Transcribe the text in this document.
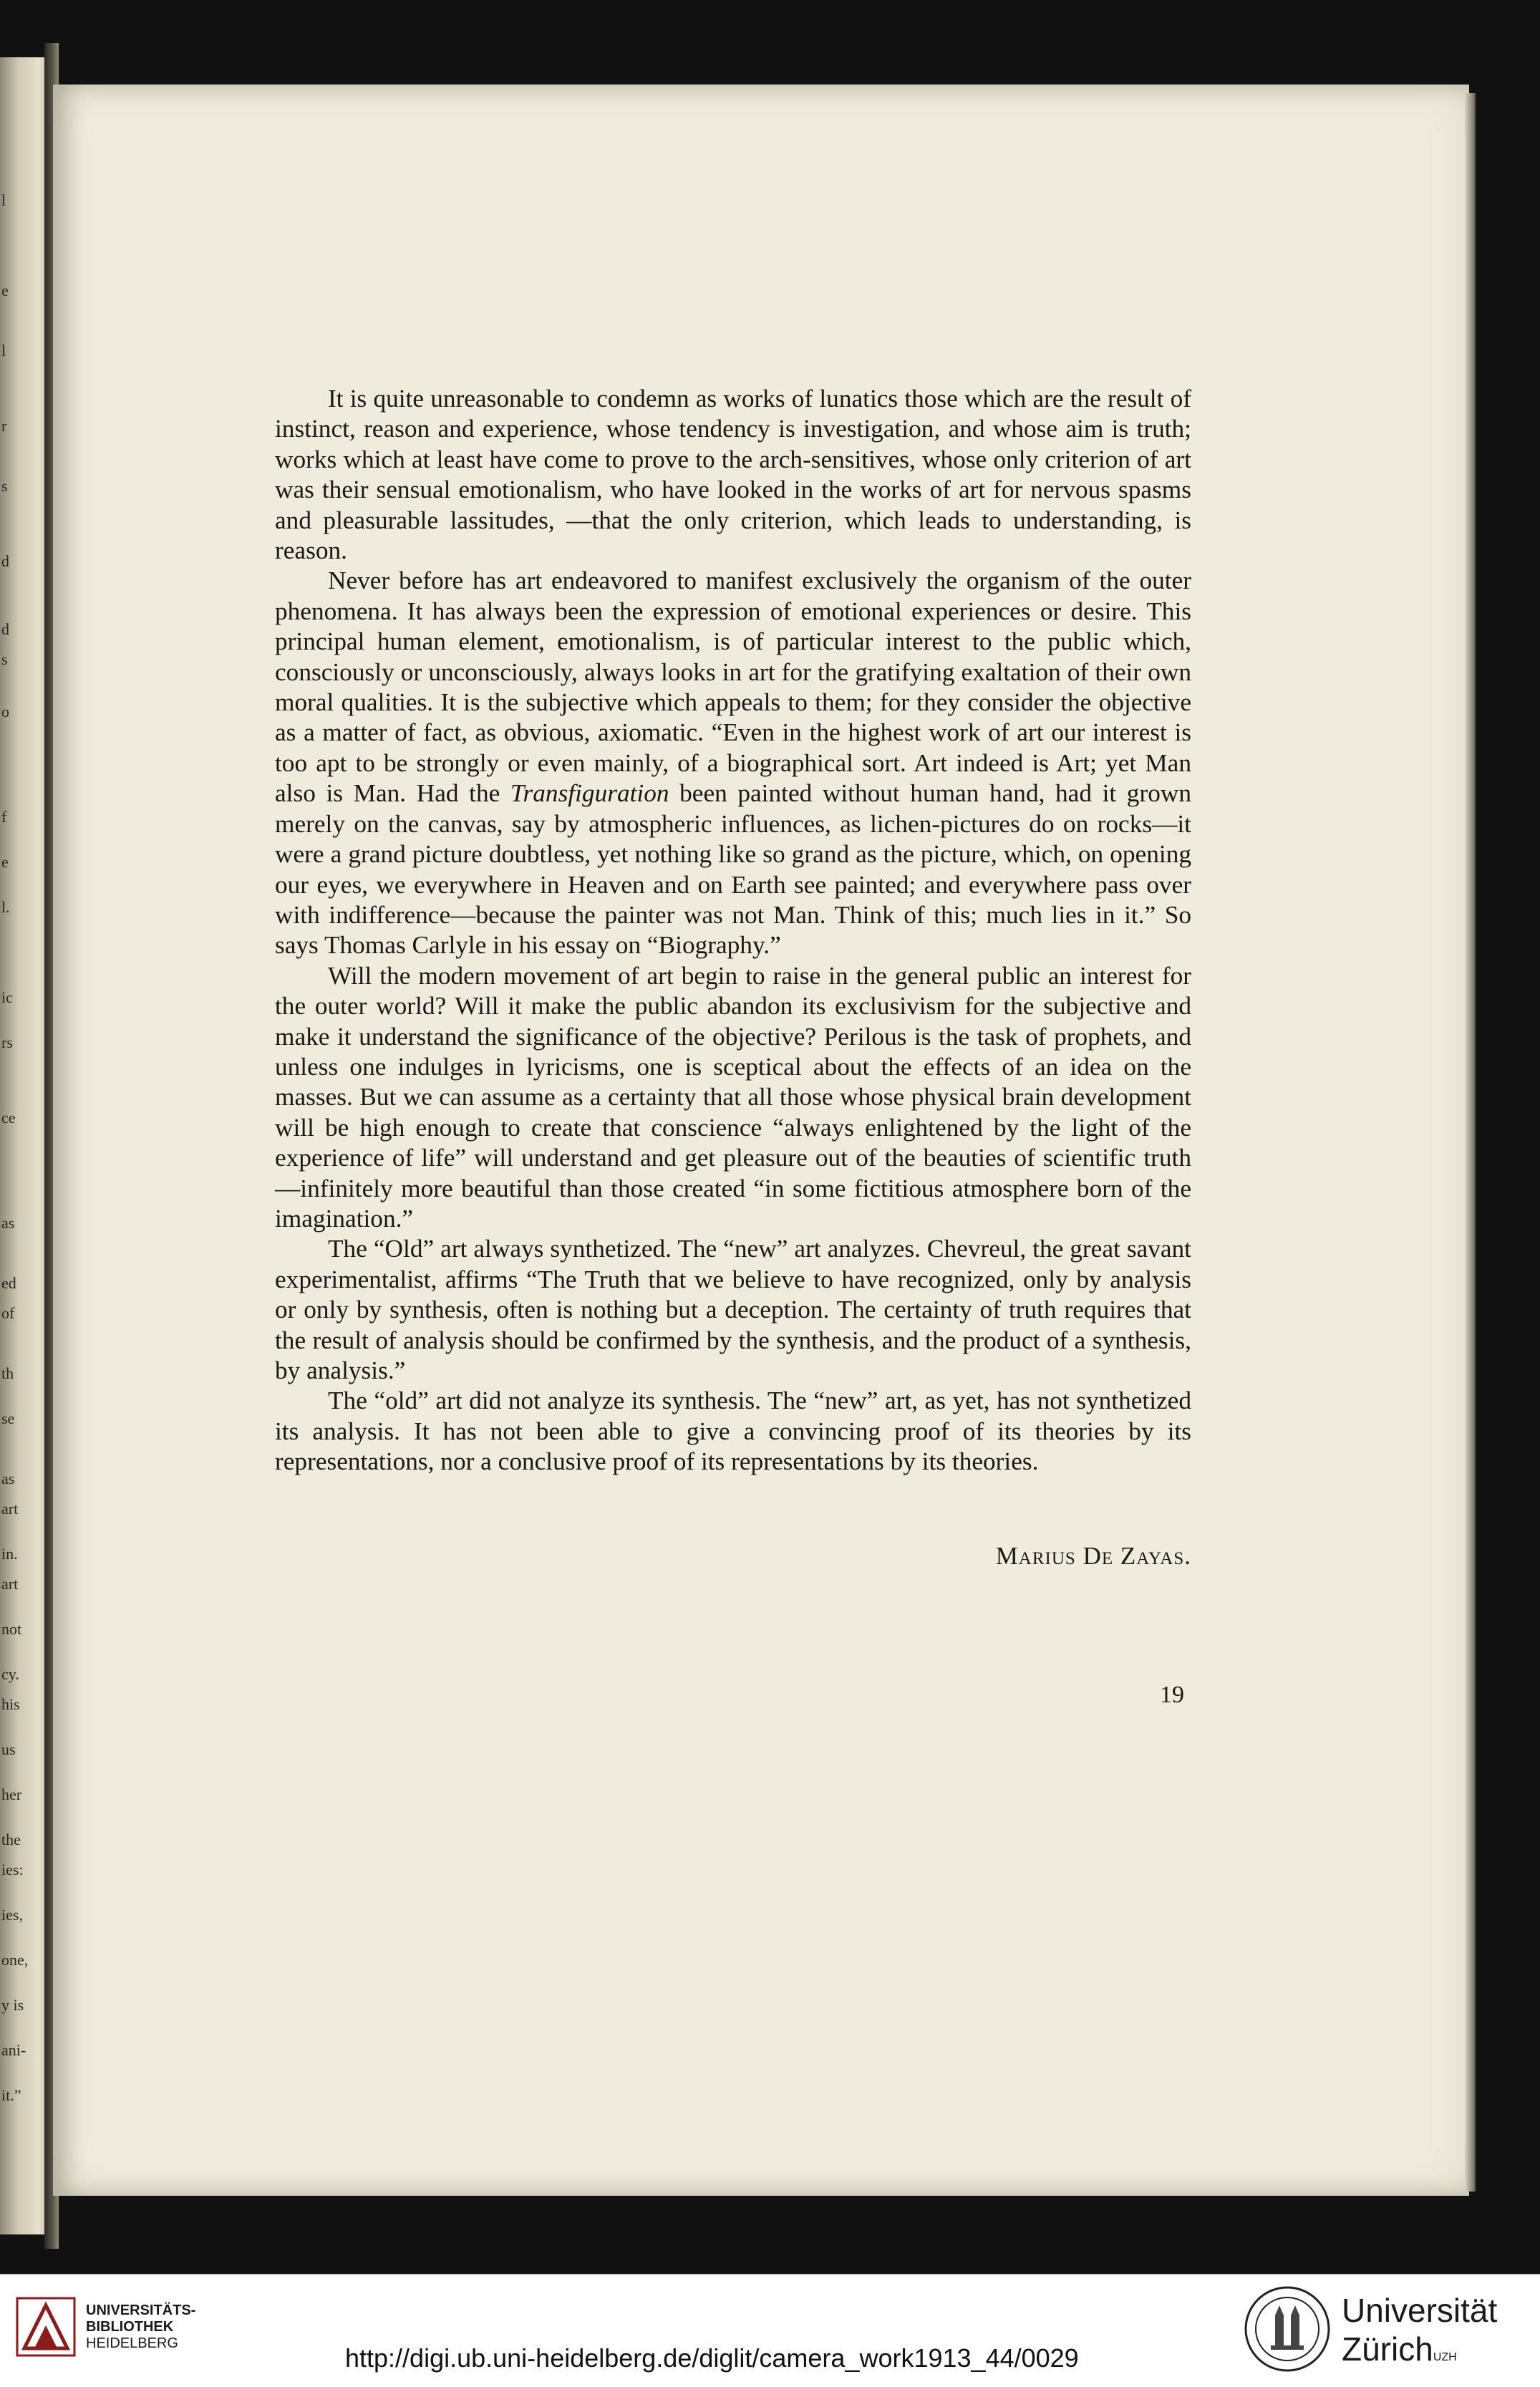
l
e
l
r
s
d
d
s
o
f
e
l.
ic
rs
ce
as
ed
of
th
se
as
art
in.
art
not
cy.
his
us
her
the
ies:
ies,
one,
y is
ani-
it.”

It is quite unreasonable to condemn as works of lunatics those which are the result of instinct, reason and experience, whose tendency is investigation, and whose aim is truth; works which at least have come to prove to the arch-sensitives, whose only criterion of art was their sensual emotionalism, who have looked in the works of art for nervous spasms and pleasurable lassitudes, —that the only criterion, which leads to understanding, is reason.

Never before has art endeavored to manifest exclusively the organism of the outer phenomena. It has always been the expression of emotional experiences or desire. This principal human element, emotionalism, is of particular interest to the public which, consciously or unconsciously, always looks in art for the gratifying exaltation of their own moral qualities. It is the subjective which appeals to them; for they consider the objective as a matter of fact, as obvious, axiomatic. “Even in the highest work of art our interest is too apt to be strongly or even mainly, of a biographical sort. Art indeed is Art; yet Man also is Man. Had the Transfiguration been painted without human hand, had it grown merely on the canvas, say by atmospheric influences, as lichen-pictures do on rocks—it were a grand picture doubtless, yet nothing like so grand as the picture, which, on opening our eyes, we everywhere in Heaven and on Earth see painted; and everywhere pass over with indifference—because the painter was not Man. Think of this; much lies in it.” So says Thomas Carlyle in his essay on “Biography.”

Will the modern movement of art begin to raise in the general public an interest for the outer world? Will it make the public abandon its exclusivism for the subjective and make it understand the significance of the objective? Perilous is the task of prophets, and unless one indulges in lyricisms, one is sceptical about the effects of an idea on the masses. But we can assume as a certainty that all those whose physical brain development will be high enough to create that conscience “always enlightened by the light of the experience of life” will understand and get pleasure out of the beauties of scientific truth—infinitely more beautiful than those created “in some fictitious atmosphere born of the imagination.”

The “Old” art always synthetized. The “new” art analyzes. Chevreul, the great savant experimentalist, affirms “The Truth that we believe to have recognized, only by analysis or only by synthesis, often is nothing but a deception. The certainty of truth requires that the result of analysis should be confirmed by the synthesis, and the product of a synthesis, by analysis.”

The “old” art did not analyze its synthesis. The “new” art, as yet, has not synthetized its analysis. It has not been able to give a convincing proof of its theories by its representations, nor a conclusive proof of its representations by its theories.

Marius De Zayas.
19
UNIVERSITÄTS-
BIBLIOTHEK
HEIDELBERG	http://digi.ub.uni-heidelberg.de/diglit/camera_work1913_44/0029
Universität
Zürich$^{UZH}$
